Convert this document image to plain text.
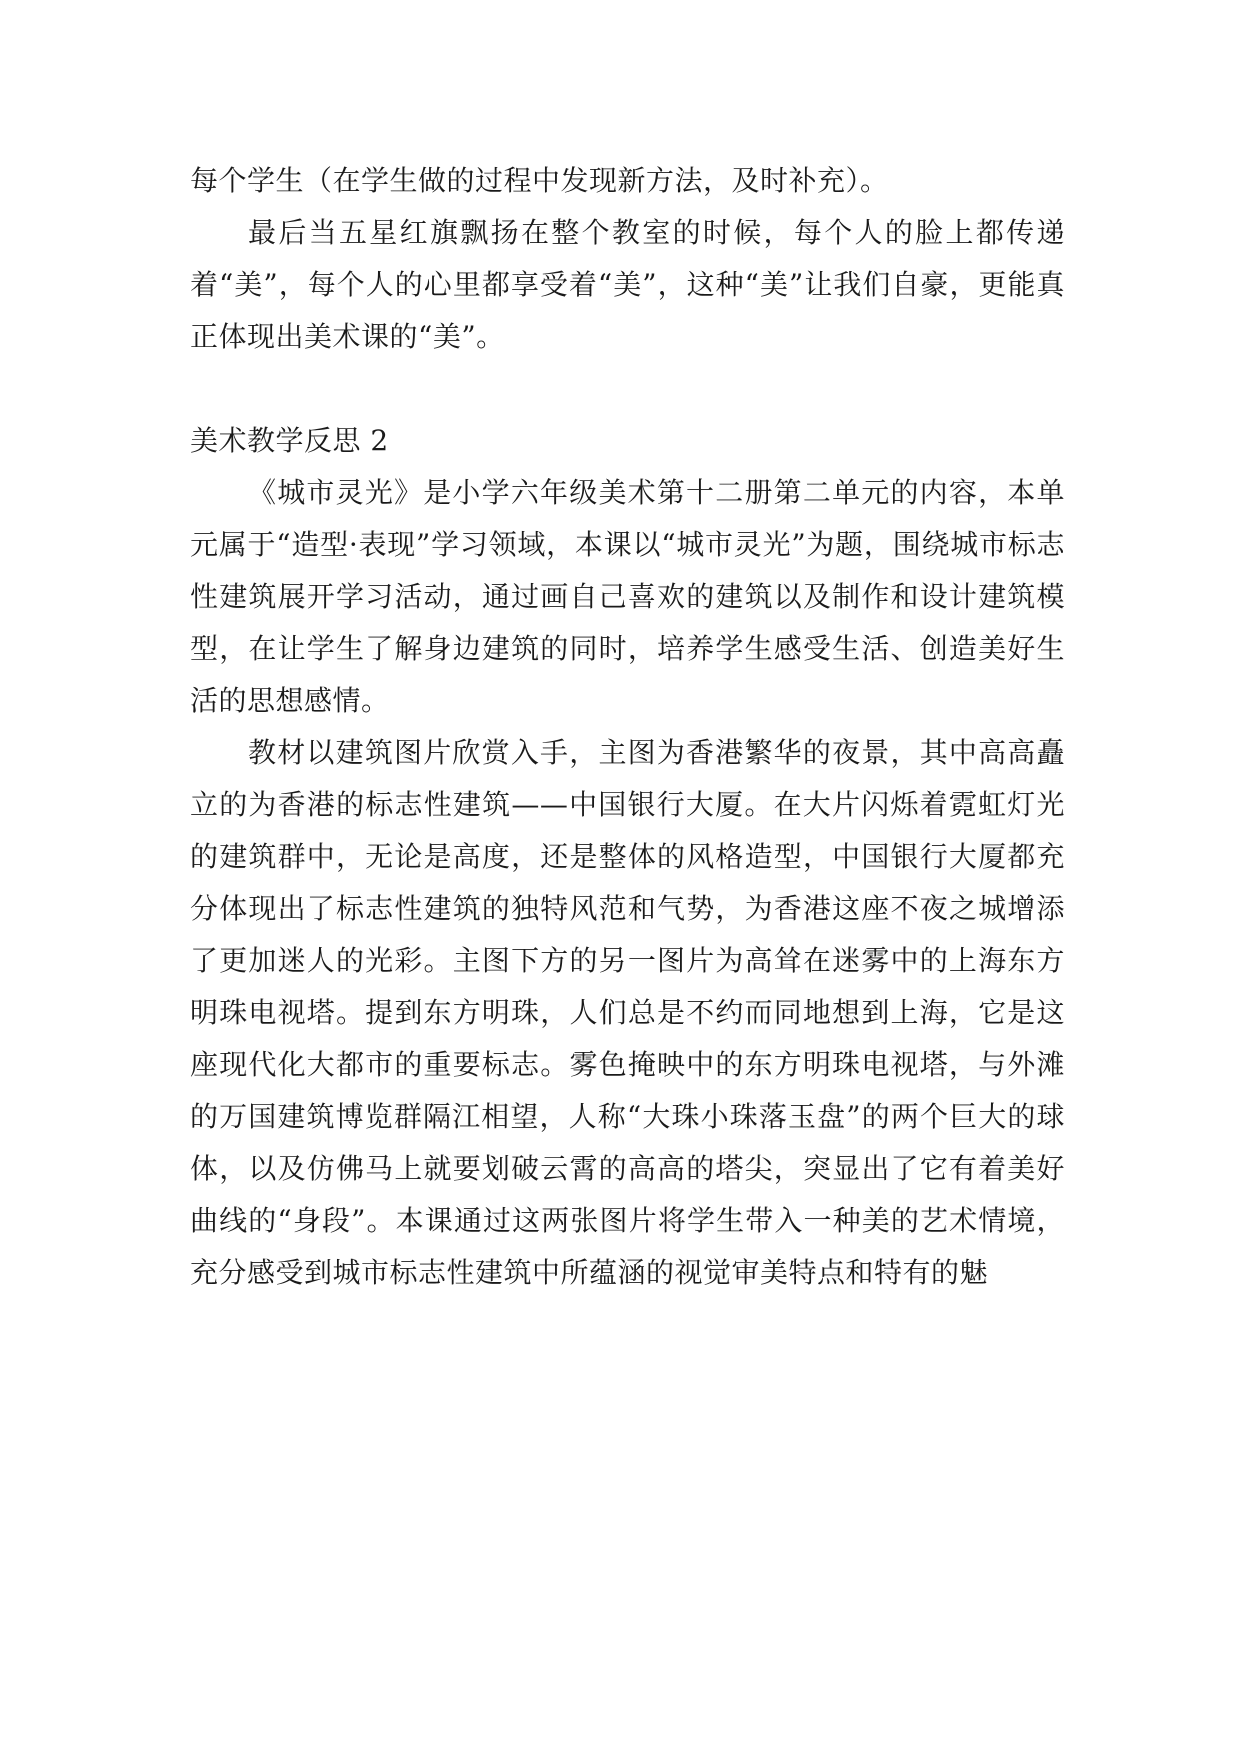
每个学生（在学生做的过程中发现新方法，及时补充）。

最后当五星红旗飘扬在整个教室的时候，每个人的脸上都传递着“美”，每个人的心里都享受着“美”，这种“美”让我们自豪，更能真正体现出美术课的“美”。

美术教学反思 2

《城市灵光》是小学六年级美术第十二册第二单元的内容，本单元属于“造型·表现”学习领域，本课以“城市灵光”为题，围绕城市标志性建筑展开学习活动，通过画自己喜欢的建筑以及制作和设计建筑模型，在让学生了解身边建筑的同时，培养学生感受生活、创造美好生活的思想感情。

教材以建筑图片欣赏入手，主图为香港繁华的夜景，其中高高矗立的为香港的标志性建筑——中国银行大厦。在大片闪烁着霓虹灯光的建筑群中，无论是高度，还是整体的风格造型，中国银行大厦都充分体现出了标志性建筑的独特风范和气势，为香港这座不夜之城增添了更加迷人的光彩。主图下方的另一图片为高耸在迷雾中的上海东方明珠电视塔。提到东方明珠，人们总是不约而同地想到上海，它是这座现代化大都市的重要标志。雾色掩映中的东方明珠电视塔，与外滩的万国建筑博览群隔江相望，人称“大珠小珠落玉盘”的两个巨大的球体，以及仿佛马上就要划破云霄的高高的塔尖，突显出了它有着美好曲线的“身段”。本课通过这两张图片将学生带入一种美的艺术情境，充分感受到城市标志性建筑中所蕴涵的视觉审美特点和特有的魅
